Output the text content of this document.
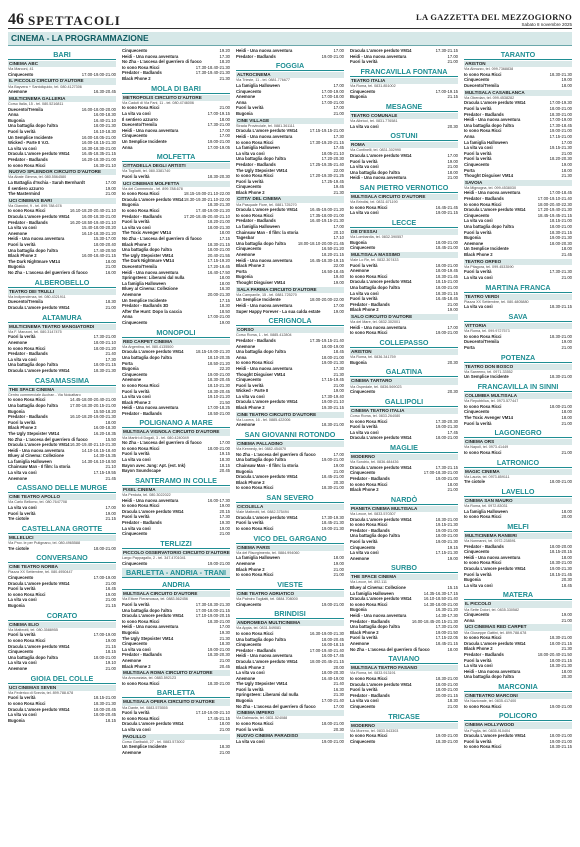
46 SPETTACOLI	LA GAZZETTA DEL MEZZOGIORNO
Sabato 8 novembre 2025
CINEMA - LA PROGRAMMAZIONE
BARI
CINEMA ABC
Via Marconi, 41
Cinquecento	17.00-19.00-21.00
IL PICCOLO CIRCUITO D'AUTORE
Via Bayvera + Santoliquido, tel. 080.4127306
Anemone	16.30-20.45
MULTICINEMA GALLERIA
Corso Italia, 15 - tel. 080.5216811
Duecento/Tremila	16.00-18.00-20.00
Anna	16.00-18.30
Bugonia	16.40-21.10
Una battaglia dopo l'altra	18.00-21.30
Fuori la verità	16.10-18.30
Un Semplice Incidente	16.00-18.05-21.00
Wicked - Parte II V.O.	16.00-18.15-21.30
La vita va così	16.30-18.30-21.00
Dracula L'amore perduto VM14	16.45-18.35-21.15
Predator - Badlands	16.20-18.30-21.00
Io sono Rosa Ricci	16.30-21.10
NUOVO SPLENDOR CIRCUITO D'AUTORE
Via Abate Gimma, tel. 080.5564580
La Battaglia d'Ischia - Sarah Bernhardt	17.00
Il sentiero azzurro	19.00
The Mastermind	21.00
UCI CINEMAS BARI
Via Giannini, 9 - tel. 899.788.678
Io sono Rosa Ricci	16.10-18.20-20.40-21.10
Dracula L'amore perduto VM14	16.00-18.30-21.00
Predator - Badlands	16.20-18.50-19.40-21.10
La vita va così	15.40-18.00-20.20
Anemone	16.10-18.30-21.20
Heidi - Una nuova avventura	15.30-17.00
Fuori la verità	18.00-20.40
Una battaglia dopo l'altra	17.40-20.50
Black Phone 2	16.00-18.40-21.15
The Dark Nightmare VM14	18.00
Bugonia	21.00
No Zha - L'ascesa del guerriero di fuoco	16.00
ALBEROBELLO
TEATRO DEI TRULLI
Via Indipendenza, tel. 080.4321911
Duecento/Tremila	18.30
Dracula L'amore perduto VM14	21.00
ALTAMURA
MULTICINEMA TEATRO MANGIATORDI
Via F. Manzoni, tel. 080.3147475
Fuori la verità	17.30-21.00
Anemone	18.00-21.10
Io sono Rosa Ricci	18.00-21.20
Predator - Badlands	21.40
La vita va così	17.30
Una battaglia dopo l'altra	18.00-21.15
Dracula L'amore perduto VM14	18.30-21.30
CASAMASSIMA
THE SPACE CINEMA
Centro commerciale Auchan - Via Noicattaro
Io sono Rosa Ricci	14.45-18.00-20.40-21.00
Una battaglia dopo l'altra	17.00-18.30-20.15-21.00
Bugonia	15.50-18.20
Predator - Badlands	16.10-18.20-19.00-21.30
Fuori la verità	18.00
Black Phone 2	16.00-18.30
The Ugly Stepsister VM14	16.20-18.35
No Zha - L'ascesa del guerriero di fuoco	15.50
Dracula L'amore perduto VM14 16.30-19.40-21.10-21.30
Heidi - Una nuova avventura	14.10-16.15-18.40
Bluey al Cinema: Collezione	14.30-15.35
La famiglia Halloween	14.30-16.10-18.50
Chainsaw Man - Il film: la storia	21.10
La vita va così	17.15-19.55
Anemone	21.45
CASSANO DELLE MURGE
CINE TEATRO APOLLO
Via Carlo Bellomo, tel. 080.7647708
La vita va così	17.00
Fuori la verità	19.00
Tre ciotole	21.15
CASTELLANA GROTTE
MILLELUCI
Via Prov. le per Putignano, tel. 080.4965588
Tre ciotole	18.00-21.00
CONVERSANO
CINE TEATRO NORBA
Piazza XX Settembre, tel. 080.4950447
Cinquecento	17.00-19.00
Dracula L'amore perduto VM14	21.00
Fuori la verità	16.45
Io sono Rosa Ricci	19.00
La vita va così	21.00
Bugonia	21.15
CORATO
CINEMA ELIO
Via Matteotti, tel. 080.3588955
Fuori la verità	17.00-19.00
Io sono Rosa Ricci	19.00
Dracula L'amore perduto VM14	21.15
Cinquecento	18.15
Una battaglia dopo l'altra	18.00-21.00
La vita va così	19.10
Anemone	21.00
GIOIA DEL COLLE
UCI CINEMAS SEVEN
Via Federico di Svevia, tel. 899.788.678
Fuori la verità	18.15-21.00
Io sono Rosa Ricci	18.30-21.30
Dracula L'amore perduto VM14	18.00-20.45
La vita va così	18.00-20.45
Bugonia	18.15
Cinquecento	19.20
Heidi - Una nuova avventura	17.30
No Zha - L'ascesa del guerriero di fuoco	18.20
Io sono Rosa Ricci	17.30-18.40-21.30
Predator - Badlands	17.30-19.40-21.30
Black Phone 2	21.30
MOLA DI BARI
METROPOLIS CIRCUITO D'AUTORE
Via Caduti di Via Fani, 11 - tel. 080.4746006
Io sono Rosa Ricci	21.00
La vita va così	17.00-19.15
Il sentiero azzurro	18.00
Duecento/Tremila	17.30-21.00
Heidi - Una nuova avventura	17.00
Cinquecento	17.00
Un Semplice Incidente	19.00-21.00
Anna	17.00-19.05
MOLFETTA
CITTADELLA DEGLI ARTISTI
Via Togliatti, tel. 080.3381740
Fuori la verità	18.30-20.30
UCI CINEMAS MOLFETTA
Via del Commercio - tel. 899.788.678
Io sono Rosa Ricci	18.15-19.00-21.10-22.00
Dracula L'amore perduto VM14 18.30-19.30-21.10-22.00
Bugonia	18.30-21.30
Io sono Rosa Ricci	17.40-19.00-21.20
Predator - Badlands	17.20-18.45-20.40-21.10
Fuori la verità	18.20-21.00
La vita va così	18.00-21.30
The Toxic Avenger VM14	18.00
No Zha - L'ascesa del guerriero di fuoco	17.15
Black Phone 2	18.30-21.15
Una battaglia dopo l'altra	18.00-21.00
The Ugly Stepsister VM14	20.40-21.55
The Dark Nightmare VM14	17.15-19.20
Duecento/Tremila	17.20-19.45
Heidi - Una nuova avventura	16.40-17.50
Springsteen: Liberami dal nulla	18.00
La famiglia Halloween	18.00
Bluey al Cinema: Collezione	16.30
Anemone	20.00-21.30
Un Semplice Incidente	17.15
Predator - Badlands 3D	18.30
After the Hunt: Dopo la caccia	18.50
Anna	17.00-21.00
Cinquecento	19.00
MONOPOLI
RED CARPET CINEMA
Via Argentina, tel. 080.4135500
Dracula L'amore perduto VM14	18.15-19.00-21.20
Una battaglia dopo l'altra	18.10-20.35
Porta	18.50-21.20
Bugonia	22.20
Cinquecento	19.00-21.00
Anemone	18.30-20.45
Io sono Rosa Ricci	18.10-21.30
Fuori la verità	18.30-20.45
La vita va così	19.10-21.20
Black Phone 2	21.50
Heidi - Una nuova avventura	17.00-18.25
Predator - Badlands	18.50-21.00
POLIGNANO A MARE
MULTISALA VIGNOLA CIRCUITO D'AUTORE
Via Martiri di Dogali, 3 - tel. 080.4240049
No Zha - L'ascesa del guerriero di fuoco	17.00
Io sono Rosa Ricci	18.00-21.00
Fuori la verità	19.15
La vita va così	18.30
Bayon avec Jung: Apt. (est. Ink)	18.15
Bayon Soundscape	20.45
SANTERAMO IN COLLE
PIXEL CINEMA
Via Perduta, tel. 080.3022022
Heidi - Una nuova avventura	16.00-17.30
Io sono Rosa Ricci	19.00
Dracula L'amore perduto VM14	20.15
Fuori la verità	17.30
Predator - Badlands	19.30
La vita va così	19.00
Cinquecento	21.00
TERLIZZI
PICCOLO OSSERVATORIO CIRCUITO D'AUTORE
Largo Pappagallo, 2 - tel. 347.4701041
Cinquecento	19.00-21.00
BARLETTA - ANDRIA - TRANI
ANDRIA
MULTISALA CIRCUITO D'AUTORE
Via Ettore Fieramosca, tel. 0883.562456
Fuori la verità	17.30-18.30-21.30
Una battaglia dopo l'altra	17.00-18.00-21.15
Dracula L'amore perduto VM14	17.10-19.00-20.15
Io sono Rosa Ricci	18.30-21.00
Heidi - Una nuova avventura	17.00
Bugonia	19.30
The Ugly Stepsister VM14	21.30
Cinquecento	18.30
La vita va così	19.00-21.00
Predator - Badlands	18.30-20.30
Anemone	21.00
Black Phone 2	20.45
MULTISALA ROMA CIRCUITO D'AUTORE
Via Annunziata, tel. 0883.592123
Io sono Rosa Ricci	18.30-21.00
BARLETTA
MULTISALA OPERA CIRCUITO D'AUTORE
Via Dante, tel. 0883.575555
Fuori la verità	17.10-19.00-21.10
Io sono Rosa Ricci	17.45-21.15
Dracula L'amore perduto VM14	18.00
La vita va così	21.00
PAOLILLO
Corso Garibaldi, 27 - tel. 0883.573002
Un Semplice Incidente	18.30
Anemone	21.00
Heidi - Una nuova avventura	17.00
Predator - Badlands	19.00-21.00
FOGGIA
ALTROCINEMA
Via Trieste, 11 - tel. 0881.776677
La famiglia Halloween	17.00
Cinquecento	17.00-19.00
Anemone	17.00-18.00
Anna	17.00-21.00
Fuori la verità	17.00
Bugonia	21.00
CINE VILLAGE
Strada Provinciale, tel. 0881.361111
Dracula L'amore perduto VM14	17.15-19.15-21.00
Heidi - Una nuova avventura	17.30
Io sono Rosa Ricci	17.30-19.20-21.15
La famiglia Halloween	17.45
La vita va così	18.05-21.10
Una battaglia dopo l'altra	17.20-20.30
Predator - Badlands	17.25-19.35-21.40
The Ugly Stepsister VM14	22.00
Io sono Rosa Ricci	17.20-19.30-21.25
Fuori la verità	17.25-19.45
Cinquecento	19.45
Black Phone 2	21.30
CITTA' DEL CINEMA
Via Pasquale Fiore, tel. 0881.725270
Dracula L'amore perduto VM14	16.45-19.00-21.20
Io sono Rosa Ricci	17.35-18.00-21.00
Predator - Badlands	16.40-19.15-21.30
La famiglia Halloween	17.00
Chainsaw Man - Il film: la storia	20.10
Tagesbar	17.10
Una battaglia dopo l'altra	18.00-18.10-20.00-21.45
Cinquecento	16.50-21.20
Anemone	18.20-21.15
Heidi - Una nuova avventura	16.45-18.30-19.15
Black Phone 2	22.00
Porta	16.50-18.45
Bugonia	19.40
Thought Disguiser VM14	19.00
SALA PARIMA CIRCUITO D'AUTORE
Via Campanile, 15 - tel. 0881.725270
Un Semplice Incidente	18.00-20.00-22.00
Heidi - Una nuova avventura	17.00
Super Happy Forever - La sua calda estate	19.00
CERIGNOLA
CORSO
Corso Roma, 1 - tel. 0885.412804
Predator - Badlands	17.35-19.15-21.40
Anemone	18.00-19.00
Una battaglia dopo l'altra	18.45
Anna	18.00-21.00
Io sono Rosa Ricci	19.00-21.30
Heidi - Una nuova avventura	17.30
Thought Disguiser VM14	21.30
Cinquecento	17.15-19.45
Fuori la verità	21.00
Wicked - Parte II	19.00
La vita va così	17.30-19.40
Dracula L'amore perduto VM14	19.00-21.10
Black Phone 2	19.30-21.15
CINE TEATRO CIRCUITO D'AUTORE
Via Lucera, 16 - tel. 0885.422006
Anemone	18.30-21.00
SAN GIOVANNI ROTONDO
CINEMA PALLADINO
Via Kennedy, tel. 0882.454070
No Zha - L'ascesa del guerriero di fuoco	17.00
Una battaglia dopo l'altra	19.00-21.00
Chainsaw Man - Il film: la storia	19.00
Bugonia	21.00
Dracula L'amore perduto VM14	18.45-21.00
Black Phone 2	20.30
Io sono Rosa Ricci	18.30-21.00
SAN SEVERO
CICOLELLA
Viale Matteotti, tel. 0882.375494
Dracula L'amore perduto VM14	17.30-19.30
Fuori la verità	18.45-21.30
Io sono Rosa Ricci	19.00-21.30
VICO DEL GARGANO
CINEMA PARIS
Via del Risorgimento, tel. 0884.994060
La famiglia Halloween	18.00
Anemone	19.00
Black Phone 2	21.00
Io sono Rosa Ricci	21.00
VIESTE
CINE TEATRO ADRIATICO
Via Palmiro Togliatti, tel. 0884.708000
Cinquecento	19.00-21.00
BRINDISI
ANDROMEDA MULTICINEMA
Via Appia, tel. 0831.549081
Io sono Rosa Ricci	16.30-19.00-21.30
Una battaglia dopo l'altra	18.00-20.45
Cinquecento	16.00-18.15
Predator - Badlands	17.00-19.40-21.40
Heidi - Una nuova avventura	16.00-17.45
Dracula L'amore perduto VM14	18.00-20.45-21.15
Black Phone 2	20.00
La vita va così	18.00-20.30
Anemone	16.40-19.00
The Ugly Stepsister VM14	21.40
Fuori la verità	16.30
Springsteen: Liberami dal nulla	21.30
Bugonia	17.00-21.40
No Zha - L'ascesa del guerriero di fuoco	17.00
CINEMA IMPERO
Via Dalmazia, tel. 0831.524088
Io sono Rosa Ricci	18.00-21.00
Fuori la verità	20.30
NUOVO CINEMA PARADISO
La vita va così	19.00-21.00
Dracula L'amore perduto VM14	17.30-21.15
Heidi - Una nuova avventura	17.00
Fuori la verità	21.00
FRANCAVILLA FONTANA
TEATRO ITALIA
Via Roma, tel. 0831.851002
Cinquecento	17.00-19.15
Bugonia	21.15
MESAGNE
TEATRO COMUNALE
Via Albricci, tel. 0831.776581
La vita va così	20.30
OSTUNI
ROMA
Via Continelli, tel. 0831.302990
Dracula L'amore perduto VM14	17.00
Fuori la verità	19.00
La vita va così	21.00
Una battaglia dopo l'altra	18.00
Heidi - Una nuova avventura	21.00
SAN PIETRO VERNOTICO
MULTISALA CIRCUITO D'AUTORE
Via Brindisi, tel. 0831.671190
Io sono Rosa Ricci	16.45-21.45
La vita va così	19.00-21.15
LECCE
DB D'ESSAI
Via Lombardia, tel. 0832.390557
Bugonia	18.00-21.00
Cinquecento	18.45-21.00
MULTISALA MASSIMO
Viale Lo Re, tel. 0832.307433
Fuori la verità	18.00-21.00
Anemone	18.00-19.45
Io sono Rosa Ricci	18.30-21.45
Dracula L'amore perduto VM14	18.15-21.00
Una battaglia dopo l'altra	18.00-21.00
La vita va così	18.30-21.15
Fuori la verità	16.45-18.45
Predator - Badlands	21.00
Black Phone 2	19.00
SALO CIRCUITO D'AUTORE
Via del Mare, tel. 0832.302001
Heidi - Una nuova avventura	17.00
Io sono Rosa Ricci	19.00-21.00
COLLEPASSO
ARISTON
Via Roma, tel. 0836.341759
Bugonia	20.30
GALATINA
CINEMA TARTARO
Via Ospedale, tel. 0836.569023
Cinquecento	20.30
GALLIPOLI
CINEMA TEATRO ITALIA
Corso Roma, tel. 0833.264080
Io sono Rosa Ricci	17.30-20.30
Fuori la verità	19.00-21.30
La vita va così	17.45
Dracula L'amore perduto VM14	18.00-21.00
MAGLIE
MODERNO
Via Sondrio, tel. 0836.484436
Dracula L'amore perduto VM14	17.30-21.15
Cinquecento	17.00-18.30-21.00
Predator - Badlands	19.00-21.00
Io sono Rosa Ricci	18.00
Black Phone 2	21.00
NARDÒ
PIANETA CINEMA MULTISALA
Via Lecce, tel. 0833.570307
Dracula L'amore perduto VM14	18.30-21.00
Io sono Rosa Ricci	19.15-21.30
Predator - Badlands	19.00-21.00
Una battaglia dopo l'altra	18.00-21.00
Fuori la verità	19.00-21.30
Cinquecento	19.15
La vita va così	17.15-21.30
Anemone	19.00
SURBO
THE SPACE CINEMA
Via Lecce, tel. 892.111
Bluey al Cinema: Collezione	15.15
La famiglia Halloween	14.35-16.30-17.15
Dracula L'amore perduto VM14	16.10-18.50-21.40
Io sono Rosa Ricci	14.30-18.00-21.00
Bugonia	16.30-21.20
Heidi - Una nuova avventura	14.30-17.30
Predator - Badlands	16.00-18.45-20.15-21.30
Una battaglia dopo l'altra	17.30-21.00
Black Phone 2	19.00-21.50
Fuori la verità	17.15-22.05
Anemone	18.45-21.15
No Zha - L'ascesa del guerriero di fuoco	18.00
TAVIANO
MULTISALA TEATRO FASANO
Via Roma, tel. 0833.913191
Io sono Rosa Ricci	18.30-21.00
Dracula L'amore perduto VM14	18.00-21.00
Fuori la verità	18.00-21.00
Predator - Badlands	20.00-21.15
La vita va così	18.30
Cinquecento	21.00
TRICASE
MODERNO
Via Moreno, tel. 0833.543303
Io sono Rosa Ricci	19.00-21.00
Cinquecento	18.30-21.00
TARANTO
ARISTON
Via Abruzzo, tel. 099.7368838
Io sono Rosa Ricci	18.30-21.30
Cinquecento	19.00
Duecento/Tremila	18.00
MULTISALA CASABLANCA
Via Oberdan, tel. 099.4538282
Dracula L'amore perduto VM14	17.00-19.30
Fuori la verità	18.00-21.00
Predator - Badlands	18.30-21.00
Heidi - Una nuova avventura	17.00-19.00
Una battaglia dopo l'altra	17.30-18.45
Io sono Rosa Ricci	19.00-21.00
Anna	17.15-21.00
La famiglia Halloween	17.00
La vita va così	19.15-21.30
Fuori la verità	21.00
Fuori la verità	18.20-20.30
Cinquecento	19.00
Porta	18.00
Thought Disguiser VM14	21.30
SAVOIA
Via Mignogna, tel. 099.4538030
Heidi - Una nuova avventura	17.00-18.45
Predator - Badlands	17.00-19.10-21.40
Io sono Rosa Ricci	18.00-20.40-22.30
Dracula L'amore perduto VM14	17.20-19.40-21.30
Cinquecento	18.45-19.45-21.15
La vita va così	18.15-21.00
Una battaglia dopo l'altra	18.00-21.00
Fuori la verità	18.30-21.15
Bugonia	19.00-21.30
Anemone	18.00-20.30
Un Semplice Incidente	18.00
Black Phone 2	21.45
TEATRO ORFEO
Via Pitagora, tel. 099.4533590
Fuori la verità	17.30-21.30
La vita va così	21.00
MARTINA FRANCA
TEATRO VERDI
Piazza XX Settembre, tel. 080.4805880
La vita va così	18.30-21.15
SAVA
VITTORIA
Via Roma, tel. 099.9727573
Io sono Rosa Ricci	18.30-21.00
Duecento/Tremila	19.00
Porta	21.00
POTENZA
TEATRO DON BOSCO
Via Sanremo, tel. 0971.33552
Un Semplice Incidente	18.30-21.00
FRANCAVILLA IN SINNI
COLUMBIA MULTISALA
Via Repubblica, tel. 0973.577447
Io sono Rosa Ricci	18.00-21.00
Cinquecento	18.00
The Toxic Avenger VM14	18.00
Fuori la verità	21.00
LAGONEGRO
CINEMA ORS
Via Napoli, tel. 0973.41449
Io sono Rosa Ricci	21.00
LATRONICO
MAGIC CINEMA
Via Lauria, tel. 0973.859111
Tre ciotole	18.00-21.00
LAVELLO
CINEMA SAN MAURO
Via Roma, tel. 0972.83031
La famiglia Halloween	18.00
Io sono Rosa Ricci	20.00
MELFI
MULTICINEMA RANIERI
Via Normanni, tel. 0972.238591
Predator - Badlands	18.00-20.00
Cinquecento	18.15-20.15
Heidi - Una nuova avventura	18.00
Io sono Rosa Ricci	18.30-21.00
Dracula L'amore perduto VM14	19.00-21.30
Fuori la verità	18.15-21.45
Bugonia	20.30
La vita va così	18.45
MATERA
IL PICCOLO
Via Sette Dolori, tel. 0835.330582
Cinquecento	19.00
Anna	21.00
UCI CINEMAS RED CARPET
Via Giuseppe Gattini, tel. 899.788.678
Io sono Rosa Ricci	18.30-21.00
Dracula L'amore perduto VM14	18.00-21.15
Black Phone 2	21.30
Predator - Badlands	18.00-20.40-21.50
Fuori la verità	18.00-21.15
La vita va così	18.30-21.30
Heidi - Una nuova avventura	18.00
Una battaglia dopo l'altra	20.30
MARCONIA
CINETEATRO MARCONI
Via Nazionale, tel. 0835.417400
Io sono Rosa Ricci	19.00-21.00
POLICORO
CINEMA HOLLYWOOD
Via Puglia, tel. 0835.910404
Dracula L'amore perduto VM14	18.00-21.00
Fuori la verità	19.00-21.00
Io sono Rosa Ricci	18.30-21.15
